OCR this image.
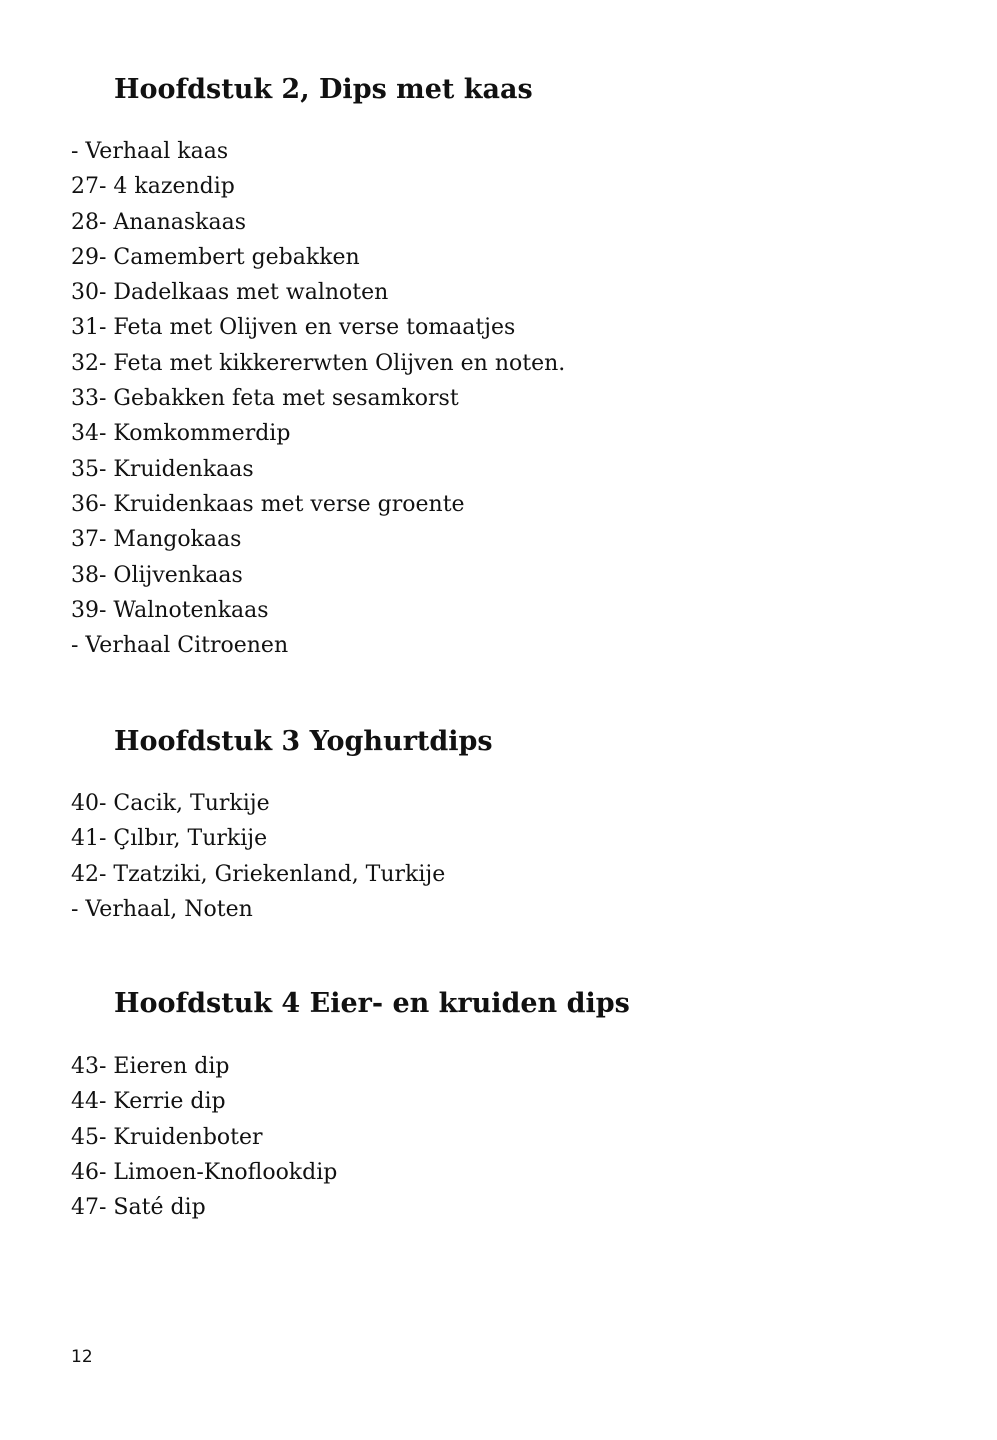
Hoofdstuk 2, Dips met kaas
- Verhaal kaas
27- 4 kazendip
28- Ananaskaas
29- Camembert gebakken
30- Dadelkaas met walnoten
31- Feta met Olijven en verse tomaatjes
32- Feta met kikkererwten Olijven en noten.
33- Gebakken feta met sesamkorst
34- Komkommerdip
35- Kruidenkaas
36- Kruidenkaas met verse groente
37- Mangokaas
38- Olijvenkaas
39- Walnotenkaas
- Verhaal Citroenen
Hoofdstuk 3 Yoghurtdips
40- Cacik, Turkije
41- Çılbır, Turkije
42- Tzatziki, Griekenland, Turkije
- Verhaal, Noten
Hoofdstuk 4 Eier- en kruiden dips
43- Eieren dip
44- Kerrie dip
45- Kruidenboter
46- Limoen-Knoflookdip
47- Saté dip
12
